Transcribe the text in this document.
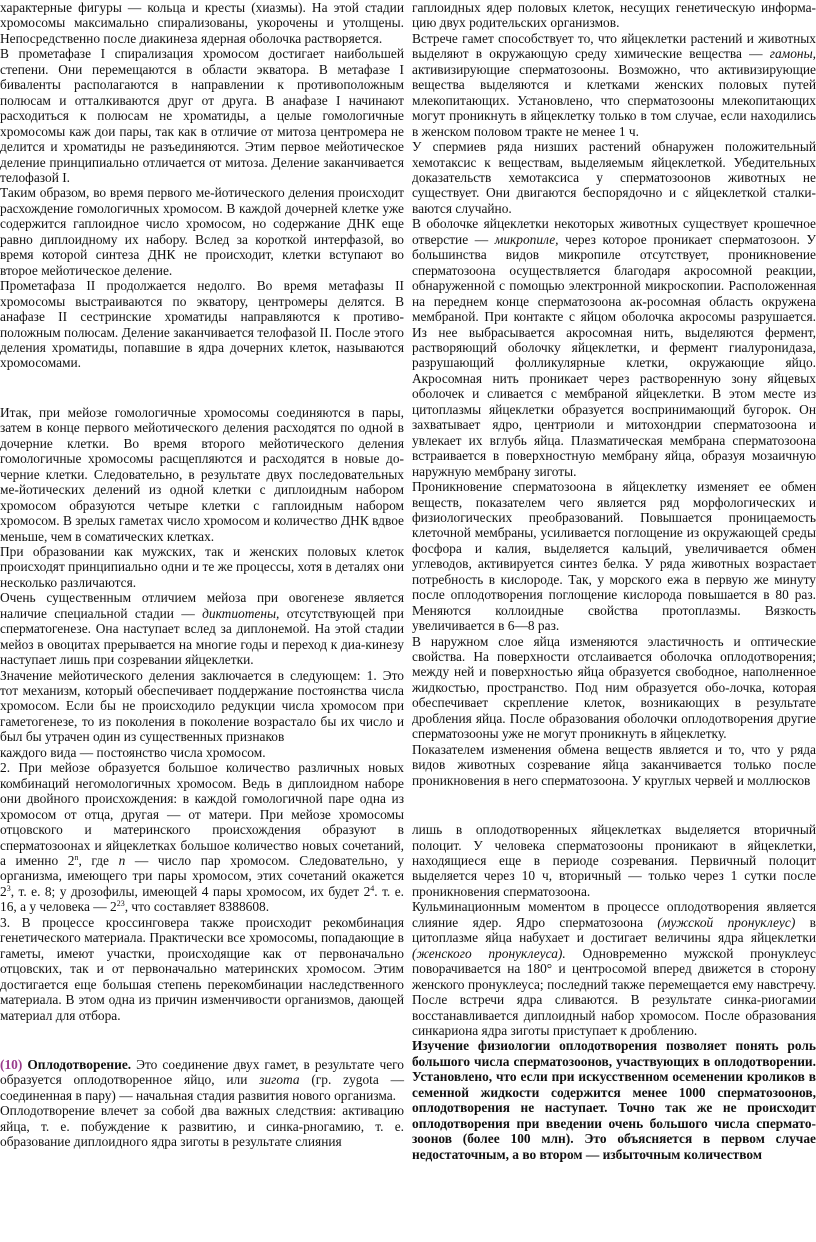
характерные фигуры — кольца и кресты (хиазмы). На этой стадии хромосомы максимально спирализованы, укорочены и утолщены. Непосредственно после диакинеза ядерная оболочка растворяется.

В прометафазе I спирализация хромосом достигает наибольшей степени. Они перемещаются в области экватора. В метафазе I биваленты располагаются в направлении к противоположным полюсам и отталкиваются друг от друга. В анафазе I начинают расходиться к полюсам не хроматиды, а целые гомологичные хромосомы каж дои пары, так как в отличие от митоза центромера не делится и хроматиды не разъединяются. Этим первое мейотическое деление принципиально отличается от митоза. Деление заканчивается телофазой I.

Таким образом, во время первого ме-йотического деления происходит расхождение гомологичных хромосом. В каждой дочерней клетке уже содержится гаплоидное число хромосом, но содержание ДНК еще равно диплоидному их набору. Вслед за короткой интерфазой, во время которой синтеза ДНК не происходит, клетки вступают во второе мейотическое деление.

Прометафаза II продолжается недолго. Во время метафазы II хромосомы выстраиваются по экватору, центромеры делятся. В анафазе II сестринские хроматиды направляются к противо-положным полюсам. Деление заканчивается телофазой II. После этого деления хроматиды, попавшие в ядра дочерних клеток, называются хромосомами.

Итак, при мейозе гомологичные хромосомы соединяются в пары, затем в конце первого мейотического деления расходятся по одной в дочерние клетки. Во время второго мейотического деления гомологичные хромосомы расщепляются и расходятся в новые до-черние клетки. Следовательно, в результате двух последовательных ме-йотических делений из одной клетки с диплоидным набором хромосом образуются четыре клетки с гаплоидным набором хромосом. В зрелых гаметах число хромосом и количество ДНК вдвое меньше, чем в соматических клетках.

При образовании как мужских, так и женских половых клеток происходят принципиально одни и те же процессы, хотя в деталях они несколько различаются.

Очень существенным отличием мейоза при овогенезе является наличие специальной стадии — диктиотены, отсутствующей при сперматогенезе. Она наступает вслед за диплонемой. На этой стадии мейоз в овоцитах прерывается на многие годы и переход к диа-кинезу наступает лишь при созревании яйцеклетки.

Значение мейотического деления заключается в следующем: 1. Это тот механизм, который обеспечивает поддержание постоянства числа хромосом. Если бы не происходило редукции числа хромосом при гаметогенезе, то из поколения в поколение возрастало бы их число и был бы утрачен один из существенных признаков

каждого вида — постоянство числа хромосом.

2. При мейозе образуется большое количество различных новых комбинаций негомологичных хромосом. Ведь в диплоидном наборе они двойного происхождения: в каждой гомологичной паре одна из хромосом от отца, другая — от матери. При мейозе хромосомы отцовского и материнского происхождения образуют в сперматозоонах и яйцеклетках большое количество новых сочетаний, а именно 2$^n$, где n — число пар хромосом. Следовательно, у организма, имеющего три пары хромосом, этих сочетаний окажется $2^3$, т. е. 8; у дрозофилы, имеющей 4 пары хромосом, их будет $2^4$. т. е. 16, а у человека — $2^{23}$, что составляет 8388608.

3. В процессе кроссинговера также происходит рекомбинация генетического материала. Практически все хромосомы, попадающие в гаметы, имеют участки, происходящие как от первоначально отцовских, так и от первоначально материнских хромосом. Этим достигается еще большая степень перекомбинации наследственного материала. В этом одна из причин изменчивости организмов, дающей материал для отбора.

(10) Оплодотворение. Это соединение двух гамет, в результате чего образуется оплодотворенное яйцо, или зигота (гр. zygota — соединенная в пару) — начальная стадия развития нового организма.

Оплодотворение влечет за собой два важных следствия: активацию яйца, т. е. побуждение к развитию, и синка-рногамию, т. е. образование диплоидного ядра зиготы в результате слияния

гаплоидных ядер половых клеток, несущих генетическую информа-цию двух родительских организмов.

Встрече гамет способствует то, что яйцеклетки растений и животных выделяют в окружающую среду химические вещества — гамоны, активизирующие сперматозооны. Возможно, что активизирующие вещества выделяются и клетками женских половых путей млекопитающих. Установлено, что сперматозооны млекопитающих могут проникнуть в яйцеклетку только в том случае, если находились в женском половом тракте не менее 1 ч.

У спермиев ряда низших растений обнаружен положительный хемотаксис к веществам, выделяемым яйцеклеткой. Убедительных доказательств хемотаксиса у сперматозоонов животных не существует. Они двигаются беспорядочно и с яйцеклеткой сталки-ваются случайно.

В оболочке яйцеклетки некоторых животных существует крошечное отверстие — микропиле, через которое проникает сперматозоон. У большинства видов микропиле отсутствует, проникновение сперматозоона осуществляется благодаря акросомной реакции, обнаруженной с помощью электронной микроскопии. Расположенная на переднем конце сперматозоона ак-росомная область окружена мембраной. При контакте с яйцом оболочка акросомы разрушается. Из нее выбрасывается акросомная нить, выделяются фермент, растворяющий оболочку яйцеклетки, и фермент гиалуронидаза, разрушающий фолликулярные клетки, окружающие яйцо. Акросомная нить проникает через растворенную зону яйцевых оболочек и сливается с мембраной яйцеклетки. В этом месте из цитоплазмы яйцеклетки образуется воспринимающий бугорок. Он захватывает ядро, центриоли и митохондрии сперматозоона и увлекает их вглубь яйца. Плазматическая мембрана сперматозоона встраивается в поверхностную мембрану яйца, образуя мозаичную наружную мембрану зиготы.

Проникновение сперматозоона в яйцеклетку изменяет ее обмен веществ, показателем чего является ряд морфологических и физиологических преобразований. Повышается проницаемость клеточной мембраны, усиливается поглощение из окружающей среды фосфора и калия, выделяется кальций, увеличивается обмен углеводов, активируется синтез белка. У ряда животных возрастает потребность в кислороде. Так, у морского ежа в первую же минуту после оплодотворения поглощение кислорода повышается в 80 раз. Меняются коллоидные свойства протоплазмы. Вязкость увеличивается в 6—8 раз.

В наружном слое яйца изменяются эластичность и оптические свойства. На поверхности отслаивается оболочка оплодотворения; между ней и поверхностью яйца образуется свободное, наполненное жидкостью, пространство. Под ним образуется обо-лочка, которая обеспечивает скрепление клеток, возникающих в результате дробления яйца. После образования оболочки оплодотворения другие сперматозооны уже не могут проникнуть в яйцеклетку.

Показателем изменения обмена веществ является и то, что у ряда видов животных созревание яйца заканчивается только после проникновения в него сперматозоона. У круглых червей и моллюсков

лишь в оплодотворенных яйцеклетках выделяется вторичный полоцит. У человека сперматозооны проникают в яйцеклетки, находящиеся еще в периоде созревания. Первичный полоцит выделяется через 10 ч, вторичный — только через 1 сутки после проникновения сперматозоона.

Кульминационным моментом в процессе оплодотворения является слияние ядер. Ядро сперматозоона (мужской пронуклеус) в цитоплазме яйца набухает и достигает величины ядра яйцеклетки (женского пронуклеуса). Одновременно мужской пронуклеус поворачивается на 180° и центросомой вперед движется в сторону женского пронуклеуса; последний также перемещается ему навстречу. После встречи ядра сливаются. В результате синка-риогамии восстанавливается диплоидный набор хромосом. После образования синкариона ядра зиготы приступает к дроблению.

Изучение физиологии оплодотворения позволяет понять роль большого числа сперматозоонов, участвующих в оплодотворении. Установлено, что если при искусственном осеменении кроликов в семенной жидкости содержится менее 1000 сперматозоонов, оплодотворения не наступает. Точно так же не происходит оплодотворения при введении очень большого числа спермато-зоонов (более 100 млн). Это объясняется в первом случае недостаточным, а во втором — избыточным количеством
